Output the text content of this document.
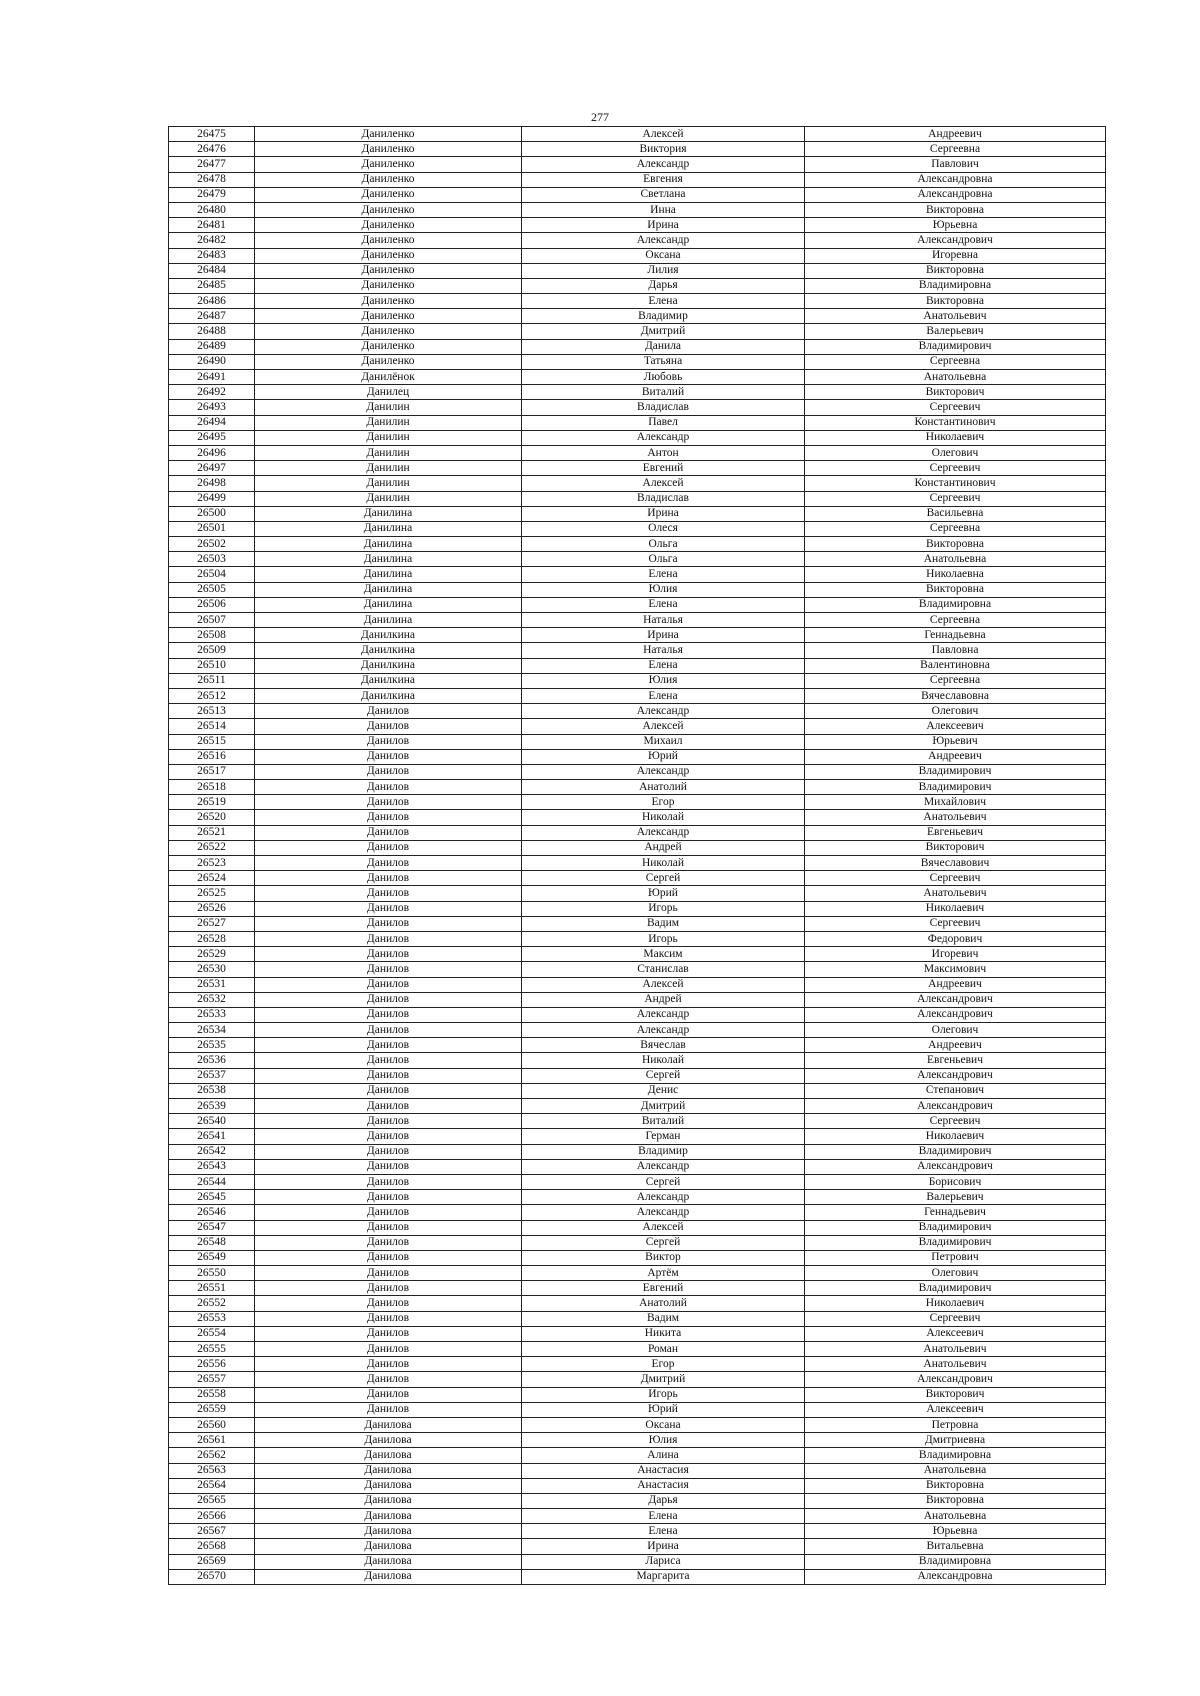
277
26475	Даниленко	Алексей	Андреевич
26476	Даниленко	Виктория	Сергеевна
26477	Даниленко	Александр	Павлович
26478	Даниленко	Евгения	Александровна
26479	Даниленко	Светлана	Александровна
26480	Даниленко	Инна	Викторовна
26481	Даниленко	Ирина	Юрьевна
26482	Даниленко	Александр	Александрович
26483	Даниленко	Оксана	Игоревна
26484	Даниленко	Лилия	Викторовна
26485	Даниленко	Дарья	Владимировна
26486	Даниленко	Елена	Викторовна
26487	Даниленко	Владимир	Анатольевич
26488	Даниленко	Дмитрий	Валерьевич
26489	Даниленко	Данила	Владимирович
26490	Даниленко	Татьяна	Сергеевна
26491	Данилёнок	Любовь	Анатольевна
26492	Данилец	Виталий	Викторович
26493	Данилин	Владислав	Сергеевич
26494	Данилин	Павел	Константинович
26495	Данилин	Александр	Николаевич
26496	Данилин	Антон	Олегович
26497	Данилин	Евгений	Сергеевич
26498	Данилин	Алексей	Константинович
26499	Данилин	Владислав	Сергеевич
26500	Данилина	Ирина	Васильевна
26501	Данилина	Олеся	Сергеевна
26502	Данилина	Ольга	Викторовна
26503	Данилина	Ольга	Анатольевна
26504	Данилина	Елена	Николаевна
26505	Данилина	Юлия	Викторовна
26506	Данилина	Елена	Владимировна
26507	Данилина	Наталья	Сергеевна
26508	Данилкина	Ирина	Геннадьевна
26509	Данилкина	Наталья	Павловна
26510	Данилкина	Елена	Валентиновна
26511	Данилкина	Юлия	Сергеевна
26512	Данилкина	Елена	Вячеславовна
26513	Данилов	Александр	Олегович
26514	Данилов	Алексей	Алексеевич
26515	Данилов	Михаил	Юрьевич
26516	Данилов	Юрий	Андреевич
26517	Данилов	Александр	Владимирович
26518	Данилов	Анатолий	Владимирович
26519	Данилов	Егор	Михайлович
26520	Данилов	Николай	Анатольевич
26521	Данилов	Александр	Евгеньевич
26522	Данилов	Андрей	Викторович
26523	Данилов	Николай	Вячеславович
26524	Данилов	Сергей	Сергеевич
26525	Данилов	Юрий	Анатольевич
26526	Данилов	Игорь	Николаевич
26527	Данилов	Вадим	Сергеевич
26528	Данилов	Игорь	Федорович
26529	Данилов	Максим	Игоревич
26530	Данилов	Станислав	Максимович
26531	Данилов	Алексей	Андреевич
26532	Данилов	Андрей	Александрович
26533	Данилов	Александр	Александрович
26534	Данилов	Александр	Олегович
26535	Данилов	Вячеслав	Андреевич
26536	Данилов	Николай	Евгеньевич
26537	Данилов	Сергей	Александрович
26538	Данилов	Денис	Степанович
26539	Данилов	Дмитрий	Александрович
26540	Данилов	Виталий	Сергеевич
26541	Данилов	Герман	Николаевич
26542	Данилов	Владимир	Владимирович
26543	Данилов	Александр	Александрович
26544	Данилов	Сергей	Борисович
26545	Данилов	Александр	Валерьевич
26546	Данилов	Александр	Геннадьевич
26547	Данилов	Алексей	Владимирович
26548	Данилов	Сергей	Владимирович
26549	Данилов	Виктор	Петрович
26550	Данилов	Артём	Олегович
26551	Данилов	Евгений	Владимирович
26552	Данилов	Анатолий	Николаевич
26553	Данилов	Вадим	Сергеевич
26554	Данилов	Никита	Алексеевич
26555	Данилов	Роман	Анатольевич
26556	Данилов	Егор	Анатольевич
26557	Данилов	Дмитрий	Александрович
26558	Данилов	Игорь	Викторович
26559	Данилов	Юрий	Алексеевич
26560	Данилова	Оксана	Петровна
26561	Данилова	Юлия	Дмитриевна
26562	Данилова	Алина	Владимировна
26563	Данилова	Анастасия	Анатольевна
26564	Данилова	Анастасия	Викторовна
26565	Данилова	Дарья	Викторовна
26566	Данилова	Елена	Анатольевна
26567	Данилова	Елена	Юрьевна
26568	Данилова	Ирина	Витальевна
26569	Данилова	Лариса	Владимировна
26570	Данилова	Маргарита	Александровна
